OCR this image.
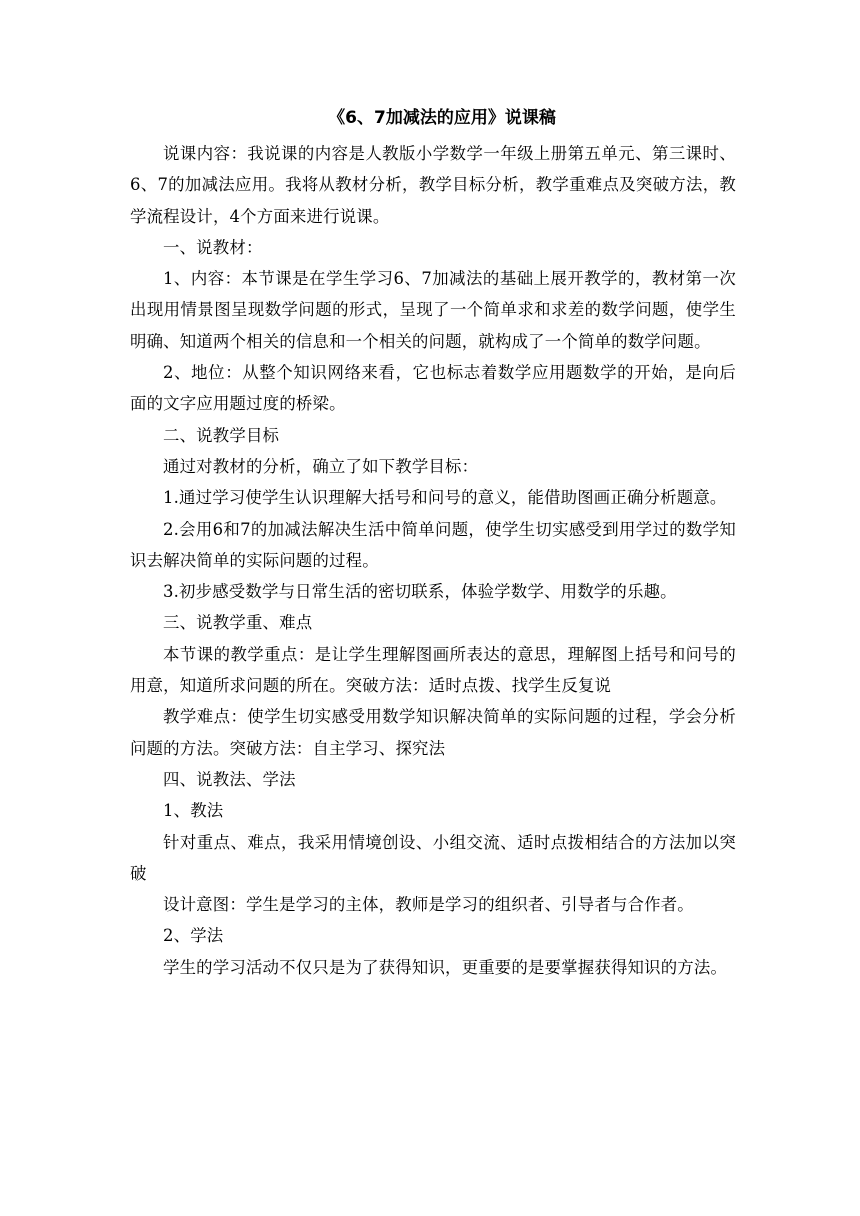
《6、7加减法的应用》说课稿

说课内容：我说课的内容是人教版小学数学一年级上册第五单元、第三课时、6、7的加减法应用。我将从教材分析，教学目标分析，教学重难点及突破方法，教学流程设计，4个方面来进行说课。

一、说教材：

1、内容：本节课是在学生学习6、7加减法的基础上展开教学的，教材第一次出现用情景图呈现数学问题的形式，呈现了一个简单求和求差的数学问题，使学生明确、知道两个相关的信息和一个相关的问题，就构成了一个简单的数学问题。

2、地位：从整个知识网络来看，它也标志着数学应用题数学的开始，是向后面的文字应用题过度的桥梁。

二、说教学目标

通过对教材的分析，确立了如下教学目标：

1.通过学习使学生认识理解大括号和问号的意义，能借助图画正确分析题意。

2.会用6和7的加减法解决生活中简单问题，使学生切实感受到用学过的数学知识去解决简单的实际问题的过程。

3.初步感受数学与日常生活的密切联系，体验学数学、用数学的乐趣。

三、说教学重、难点

本节课的教学重点：是让学生理解图画所表达的意思，理解图上括号和问号的用意，知道所求问题的所在。突破方法：适时点拨、找学生反复说

教学难点：使学生切实感受用数学知识解决简单的实际问题的过程，学会分析问题的方法。突破方法：自主学习、探究法

四、说教法、学法

1、教法

针对重点、难点，我采用情境创设、小组交流、适时点拨相结合的方法加以突破

设计意图：学生是学习的主体，教师是学习的组织者、引导者与合作者。

2、学法

学生的学习活动不仅只是为了获得知识，更重要的是要掌握获得知识的方法。
